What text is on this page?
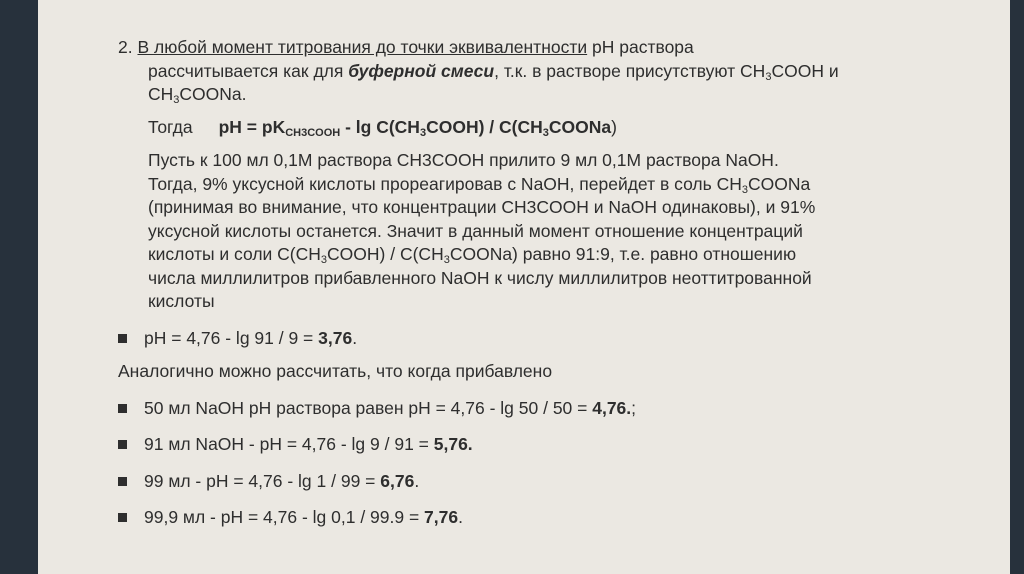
2. В любой момент титрования до точки эквивалентности pH раствора

рассчитывается как для буферной смеси, т.к. в растворе присутствуют $CH_3COOH$ и

$CH_3COONa$.

Тогда pH = $pK_{CH3COOH}$ - $\lg C(CH_3COOH)$ / $C(CH_3COONa)$

Пусть к 100 мл 0,1М раствора CH3COOH прилито 9 мл 0,1М раствора NaOH.

Тогда, 9% уксусной кислоты прореагировав с NaOH, перейдет в соль $CH_3COONa$

(принимая во внимание, что концентрации CH3COOH и NaOH одинаковы), и 91%

уксусной кислоты останется. Значит в данный момент отношение концентраций

кислоты и соли $C(CH_3COOH)$ / $C(CH_3COONa)$ равно 91:9, т.е. равно отношению

числа миллилитров прибавленного NaOH к числу миллилитров неоттитрованной

кислоты

pH = 4,76 - lg 91 / 9 = 3,76.

Аналогично можно рассчитать, что когда прибавлено

50 мл NaOH pH раствора равен pH = 4,76 - lg 50 / 50 = 4,76.;

91 мл NaOH - pH = 4,76 - lg 9 / 91 = 5,76.

99 мл - pH = 4,76 - lg 1 / 99 = 6,76.

99,9 мл - pH = 4,76 - lg 0,1 / 99.9 = 7,76.
